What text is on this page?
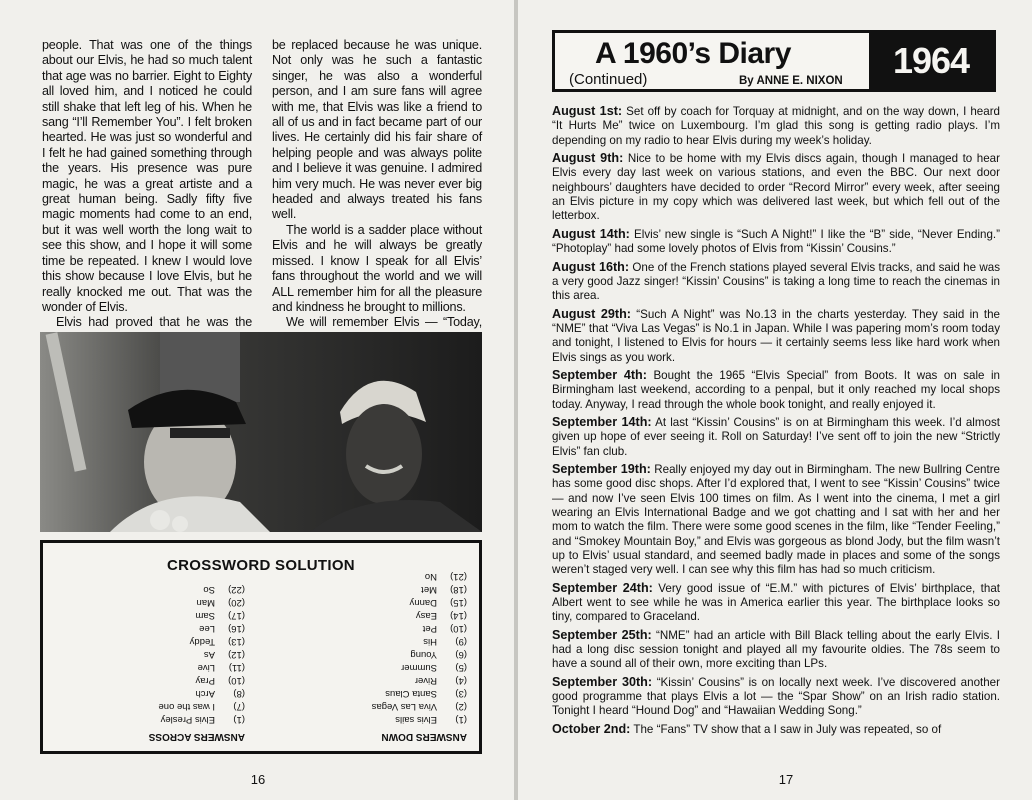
people. That was one of the things about our Elvis, he had so much talent that age was no barrier. Eight to Eighty all loved him, and I noticed he could still shake that left leg of his. When he sang “I’ll Remember You”. I felt broken hearted. He was just so wonderful and I felt he had gained something through the years. His presence was pure magic, he was a great artiste and a great human being. Sadly fifty five magic moments had come to an end, but it was well worth the long wait to see this show, and I hope it will some time be repeated. I knew I would love this show because I love Elvis, but he really knocked me out. That was the wonder of Elvis.

Elvis had proved that he was the

be replaced because he was unique. Not only was he such a fantastic singer, he was also a wonderful person, and I am sure fans will agree with me, that Elvis was like a friend to all of us and in fact became part of our lives. He certainly did his fair share of helping people and was always polite and I believe it was genuine. I admired him very much. He was never ever big headed and always treated his fans well.

The world is a sadder place without Elvis and he will always be greatly missed. I know I speak for all Elvis’ fans throughout the world and we will ALL remember him for all the pleasure and kindness he brought to millions.

We will remember Elvis — “Today,

CROSSWORD SOLUTION
ANSWERS ACROSS
(1)Elvis Presley
(7)I was the one
(8)Arch
(10)Pray
(11)Live
(12)As
(13)Teddy
(16)Lee
(17)Sam
(20)Man
(22)So
ANSWERS DOWN
(1)Elvis sails
(2)Viva Las Vegas
(3)Santa Claus
(4)River
(5)Summer
(6)Young
(9)His
(10)Pet
(14)Easy
(15)Danny
(18)Met
(21)No
16
A 1960’s Diary
(Continued)	By ANNE E. NIXON	1964

August 1st: Set off by coach for Torquay at midnight, and on the way down, I heard “It Hurts Me” twice on Luxembourg. I’m glad this song is getting radio plays. I’m depending on my radio to hear Elvis during my week’s holiday.

August 9th: Nice to be home with my Elvis discs again, though I managed to hear Elvis every day last week on various stations, and even the BBC. Our next door neighbours’ daughters have decided to order “Record Mirror” every week, after seeing an Elvis picture in my copy which was delivered last week, but which fell out of the letterbox.

August 14th: Elvis’ new single is “Such A Night!” I like the “B” side, “Never Ending.” “Photoplay” had some lovely photos of Elvis from “Kissin’ Cousins.”

August 16th: One of the French stations played several Elvis tracks, and said he was a very good Jazz singer! “Kissin’ Cousins” is taking a long time to reach the cinemas in this area.

August 29th: “Such A Night” was No.13 in the charts yesterday. They said in the “NME” that “Viva Las Vegas” is No.1 in Japan. While I was papering mom’s room today and tonight, I listened to Elvis for hours — it certainly seems less like hard work when Elvis sings as you work.

September 4th: Bought the 1965 “Elvis Special” from Boots. It was on sale in Birmingham last weekend, according to a penpal, but it only reached my local shops today. Anyway, I read through the whole book tonight, and really enjoyed it.

September 14th: At last “Kissin’ Cousins” is on at Birmingham this week. I’d almost given up hope of ever seeing it. Roll on Saturday! I’ve sent off to join the new “Strictly Elvis” fan club.

September 19th: Really enjoyed my day out in Birmingham. The new Bullring Centre has some good disc shops. After I’d explored that, I went to see “Kissin’ Cousins” twice — and now I’ve seen Elvis 100 times on film. As I went into the cinema, I met a girl wearing an Elvis International Badge and we got chatting and I sat with her and her mom to watch the film. There were some good scenes in the film, like “Tender Feeling,” and “Smokey Mountain Boy,” and Elvis was gorgeous as blond Jody, but the film wasn’t up to Elvis’ usual standard, and seemed badly made in places and some of the songs weren’t staged very well. I can see why this film has had so much criticism.

September 24th: Very good issue of “E.M.” with pictures of Elvis’ birthplace, that Albert went to see while he was in America earlier this year. The birthplace looks so tiny, compared to Graceland.

September 25th: “NME” had an article with Bill Black telling about the early Elvis. I had a long disc session tonight and played all my favourite oldies. The 78s seem to have a sound all of their own, more exciting than LPs.

September 30th: “Kissin’ Cousins” is on locally next week. I’ve discovered another good programme that plays Elvis a lot — the “Spar Show” on an Irish radio station. Tonight I heard “Hound Dog” and “Hawaiian Wedding Song.”

October 2nd: The “Fans” TV show that a I saw in July was repeated, so of

17
